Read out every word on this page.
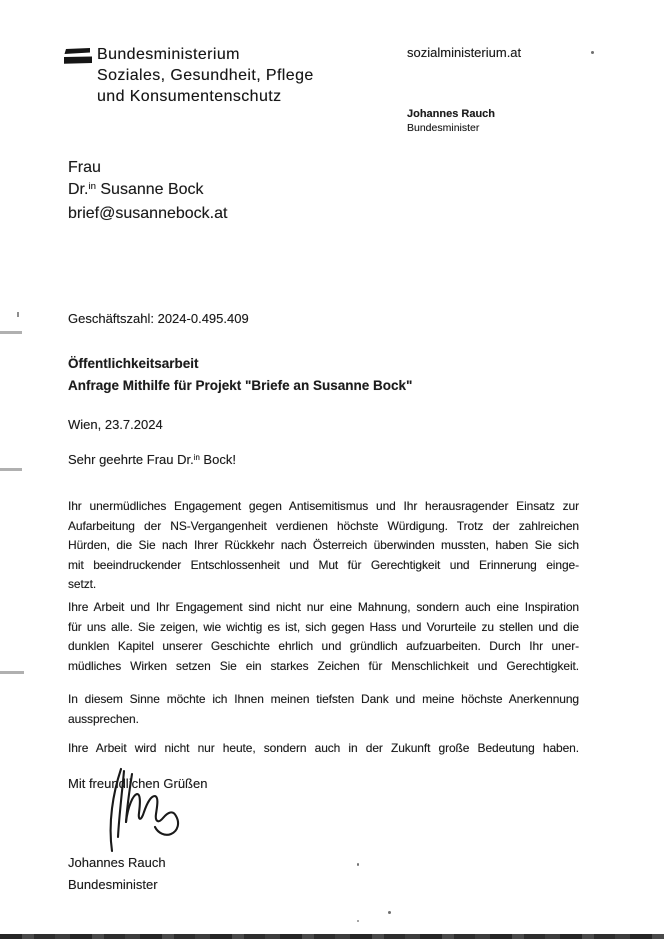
Bundesministerium
Soziales, Gesundheit, Pflege
und Konsumentenschutz
sozialministerium.at
Johannes Rauch
Bundesminister
Frau
Dr.$^{in}$ Susanne Bock
brief@susannebock.at
Geschäftszahl: 2024-0.495.409
Öffentlichkeitsarbeit
Anfrage Mithilfe für Projekt "Briefe an Susanne Bock"
Wien, 23.7.2024
Sehr geehrte Frau Dr.$^{in}$ Bock!
Ihr unermüdliches Engagement gegen Antisemitismus und Ihr herausragender Einsatz zur
Aufarbeitung der NS-Vergangenheit verdienen höchste Würdigung. Trotz der zahlreichen
Hürden, die Sie nach Ihrer Rückkehr nach Österreich überwinden mussten, haben Sie sich
mit beeindruckender Entschlossenheit und Mut für Gerechtigkeit und Erinnerung einge-
setzt.
Ihre Arbeit und Ihr Engagement sind nicht nur eine Mahnung, sondern auch eine Inspiration
für uns alle. Sie zeigen, wie wichtig es ist, sich gegen Hass und Vorurteile zu stellen und die
dunklen Kapitel unserer Geschichte ehrlich und gründlich aufzuarbeiten. Durch Ihr uner-
müdliches Wirken setzen Sie ein starkes Zeichen für Menschlichkeit und Gerechtigkeit.
In diesem Sinne möchte ich Ihnen meinen tiefsten Dank und meine höchste Anerkennung
aussprechen.
Ihre Arbeit wird nicht nur heute, sondern auch in der Zukunft große Bedeutung haben.
Mit freundlichen Grüßen
Johannes Rauch
Bundesminister
